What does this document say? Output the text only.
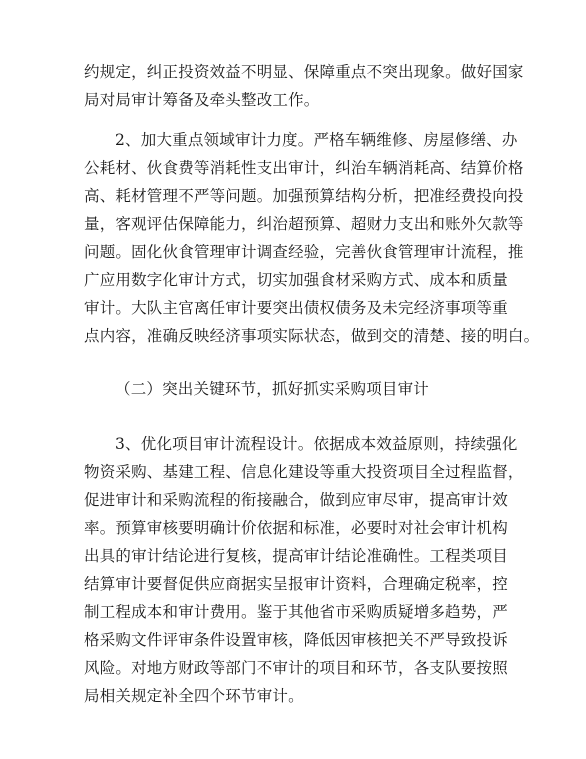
约规定，纠正投资效益不明显、保障重点不突出现象。做好国家
局对局审计筹备及牵头整改工作。
2、加大重点领域审计力度。严格车辆维修、房屋修缮、办
公耗材、伙食费等消耗性支出审计，纠治车辆消耗高、结算价格
高、耗材管理不严等问题。加强预算结构分析，把准经费投向投
量，客观评估保障能力，纠治超预算、超财力支出和账外欠款等
问题。固化伙食管理审计调查经验，完善伙食管理审计流程，推
广应用数字化审计方式，切实加强食材采购方式、成本和质量
审计。大队主官离任审计要突出债权债务及未完经济事项等重
点内容，准确反映经济事项实际状态，做到交的清楚、接的明白。
（二）突出关键环节，抓好抓实采购项目审计
3、优化项目审计流程设计。依据成本效益原则，持续强化
物资采购、基建工程、信息化建设等重大投资项目全过程监督，
促进审计和采购流程的衔接融合，做到应审尽审，提高审计效
率。预算审核要明确计价依据和标准，必要时对社会审计机构
出具的审计结论进行复核，提高审计结论准确性。工程类项目
结算审计要督促供应商据实呈报审计资料，合理确定税率，控
制工程成本和审计费用。鉴于其他省市采购质疑增多趋势，严
格采购文件评审条件设置审核，降低因审核把关不严导致投诉
风险。对地方财政等部门不审计的项目和环节，各支队要按照
局相关规定补全四个环节审计。
